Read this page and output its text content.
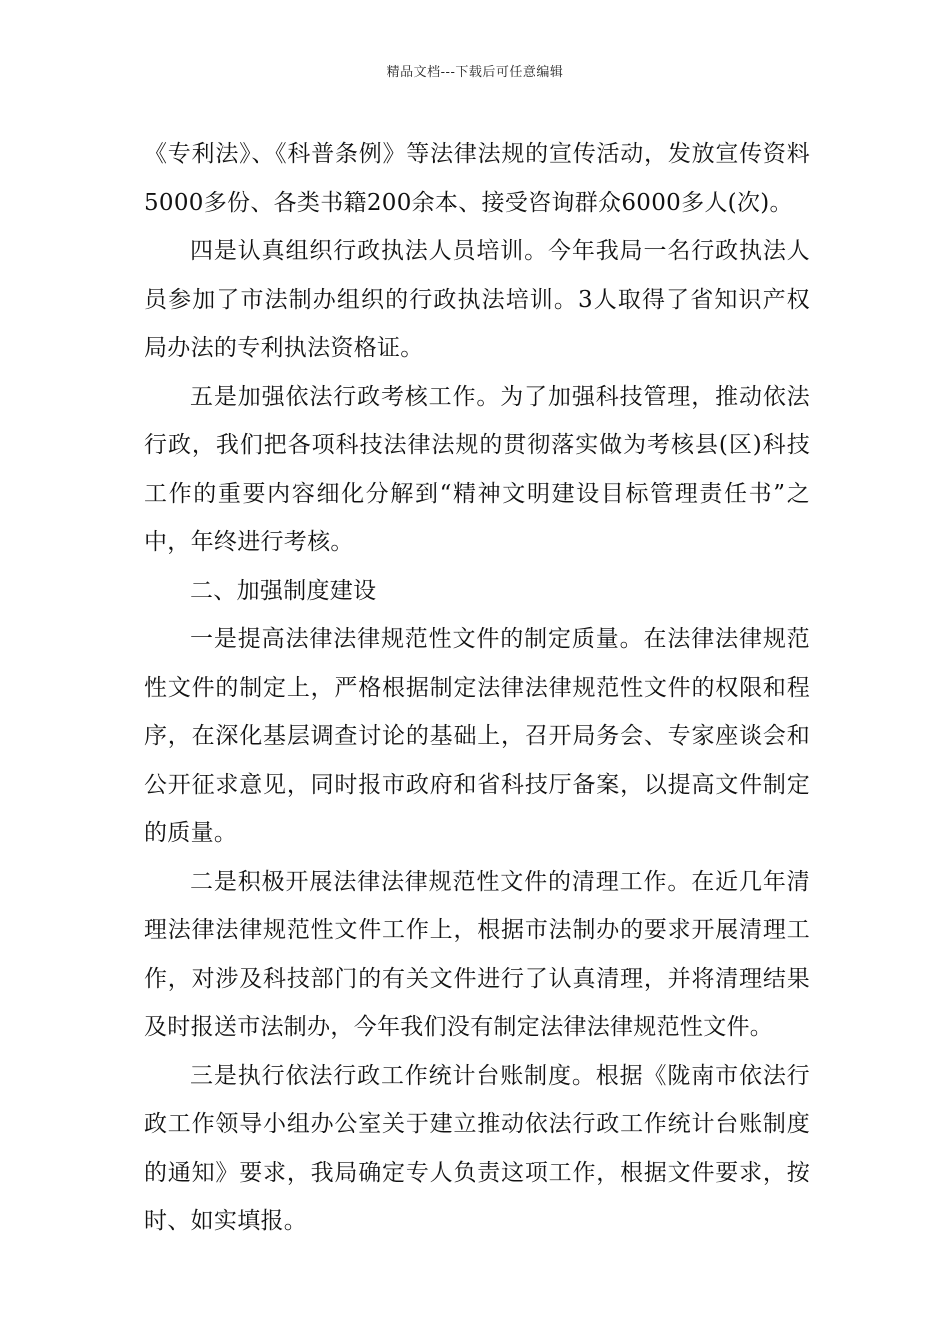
精品文档---下载后可任意编辑

《专利法》、《科普条例》等法律法规的宣传活动，发放宣传资料5000多份、各类书籍200余本、接受咨询群众6000多人(次)。

四是认真组织行政执法人员培训。今年我局一名行政执法人员参加了市法制办组织的行政执法培训。3人取得了省知识产权局办法的专利执法资格证。

五是加强依法行政考核工作。为了加强科技管理，推动依法行政，我们把各项科技法律法规的贯彻落实做为考核县(区)科技工作的重要内容细化分解到“精神文明建设目标管理责任书”之中，年终进行考核。

二、加强制度建设

一是提高法律法律规范性文件的制定质量。在法律法律规范性文件的制定上，严格根据制定法律法律规范性文件的权限和程序，在深化基层调查讨论的基础上，召开局务会、专家座谈会和公开征求意见，同时报市政府和省科技厅备案，以提高文件制定的质量。

二是积极开展法律法律规范性文件的清理工作。在近几年清理法律法律规范性文件工作上，根据市法制办的要求开展清理工作，对涉及科技部门的有关文件进行了认真清理，并将清理结果及时报送市法制办，今年我们没有制定法律法律规范性文件。

三是执行依法行政工作统计台账制度。根据《陇南市依法行政工作领导小组办公室关于建立推动依法行政工作统计台账制度的通知》要求，我局确定专人负责这项工作，根据文件要求，按时、如实填报。
